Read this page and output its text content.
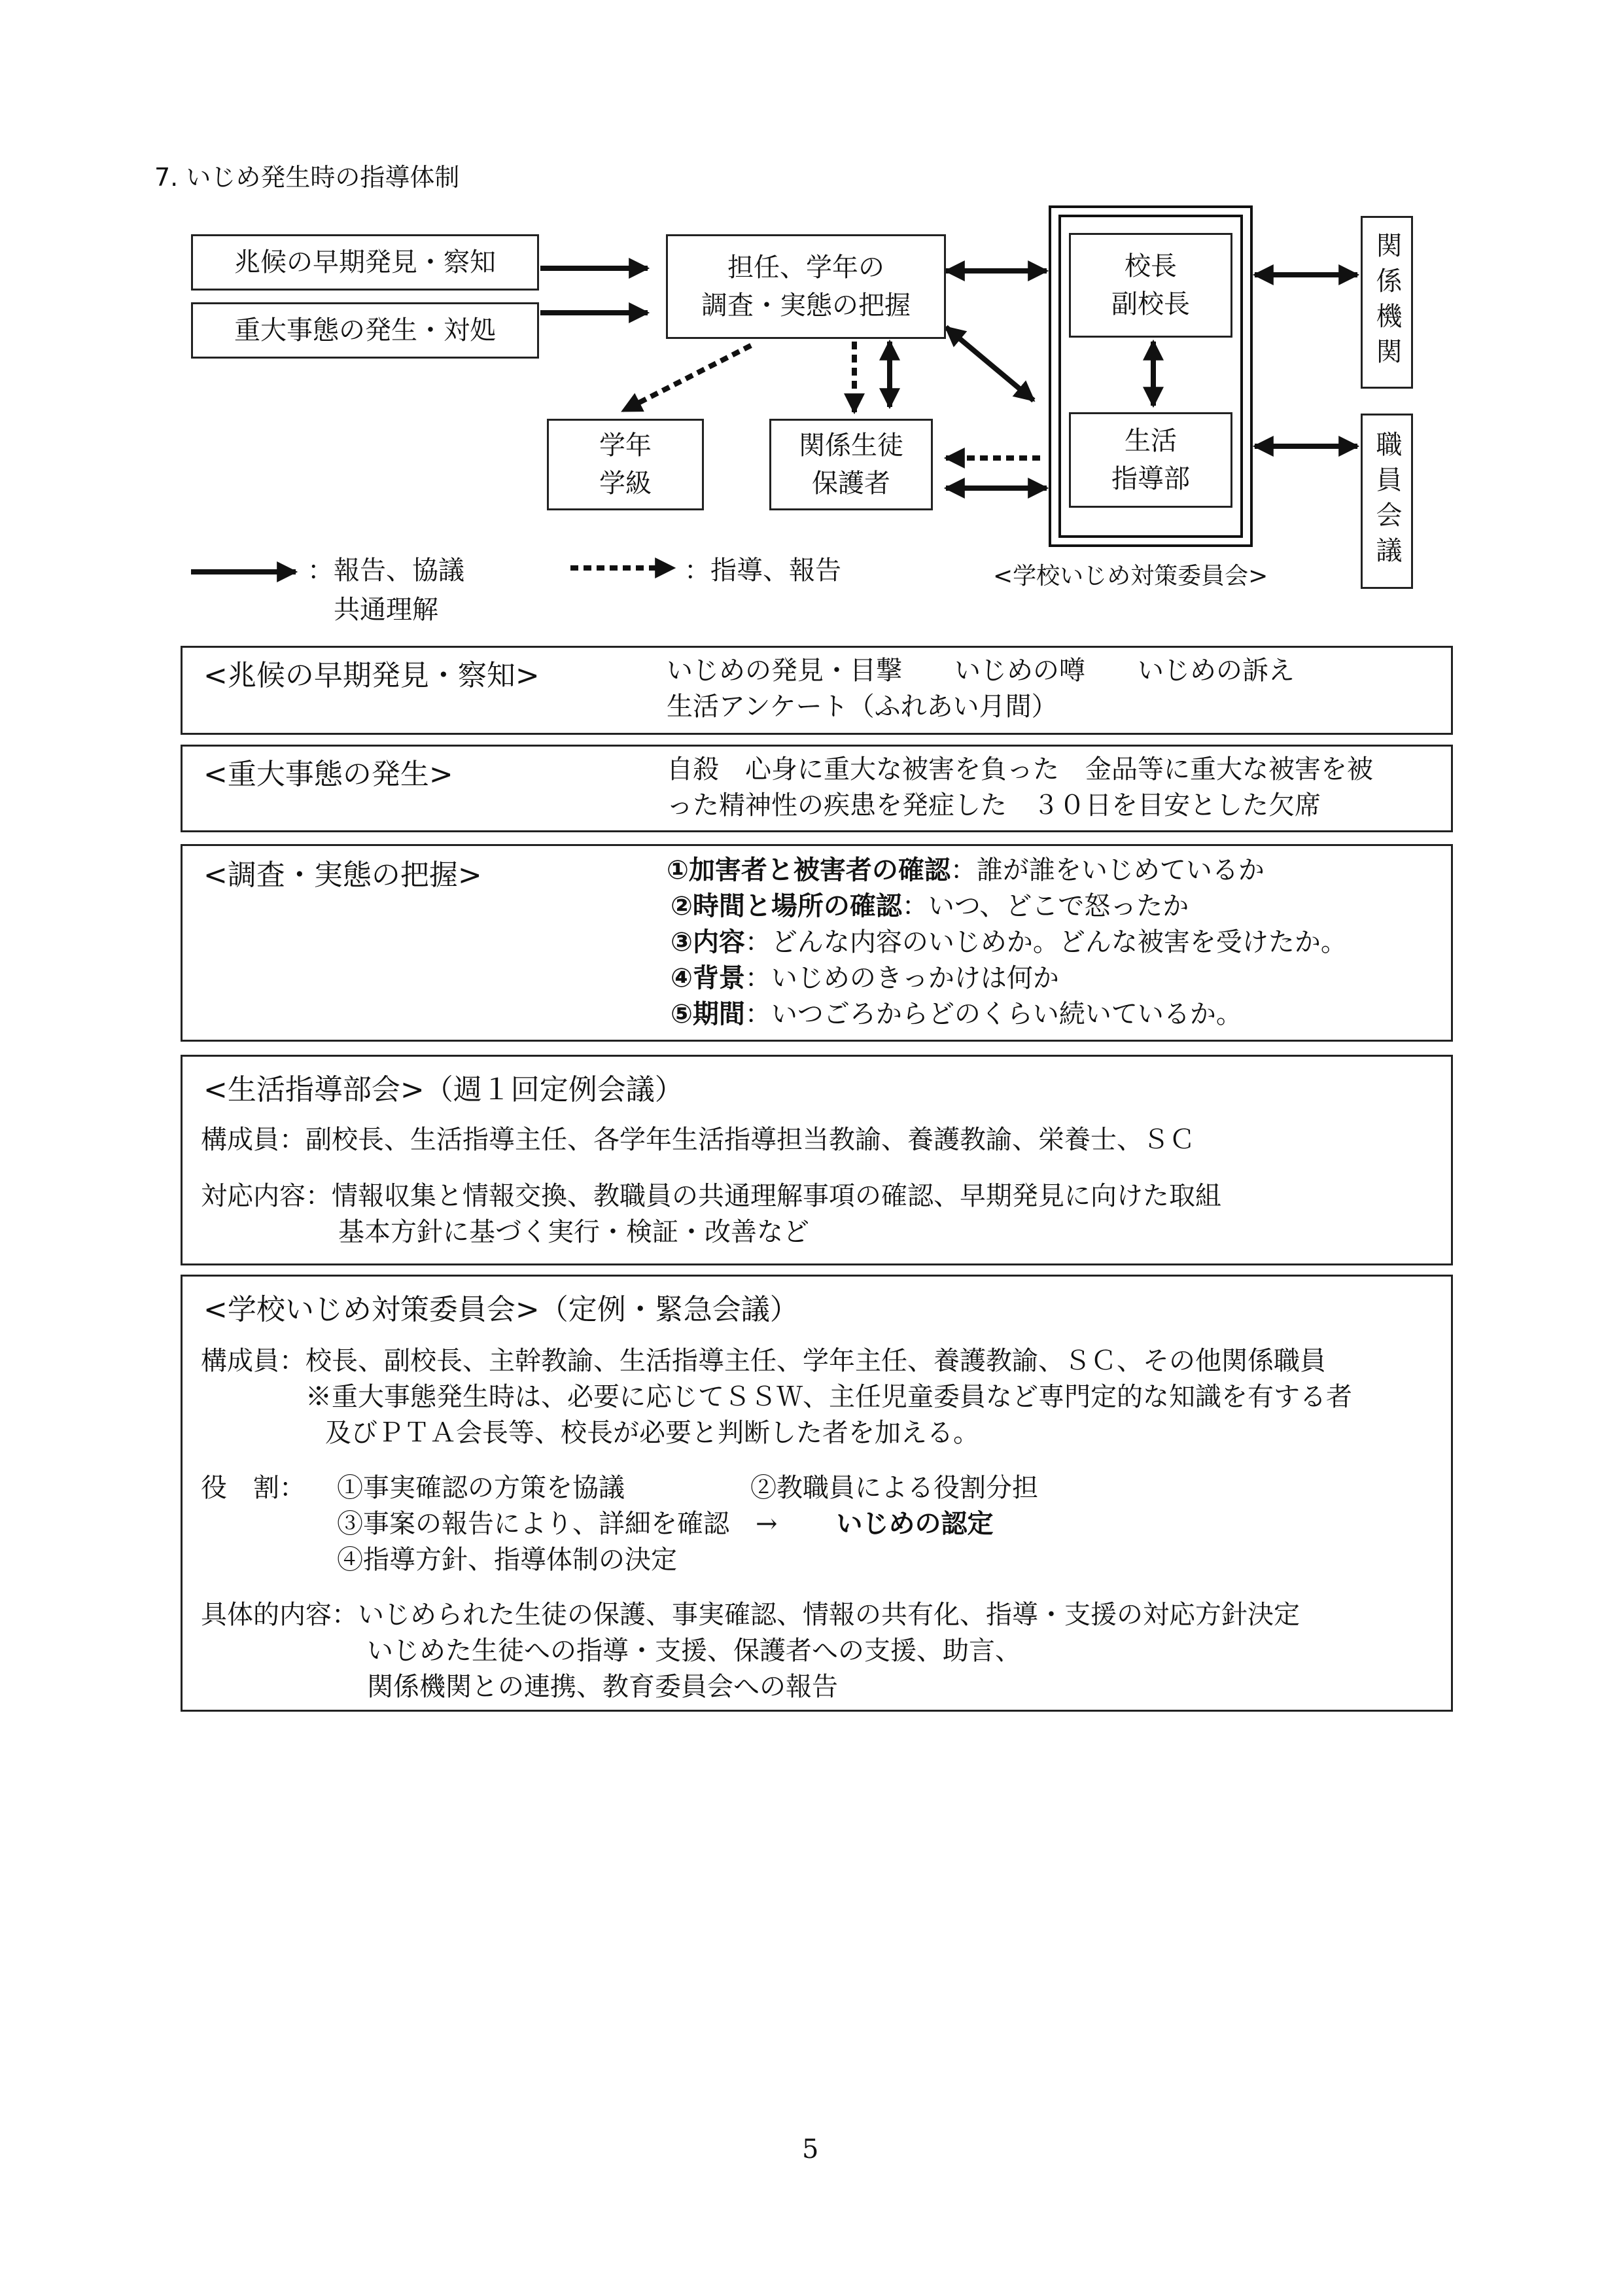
7. いじめ発生時の指導体制
兆候の早期発見・察知
重大事態の発生・対処
担任、学年の
調査・実態の把握
学年
学級
関係生徒
保護者
校長
副校長
生活
指導部
関係機関
職員会議
：報告、協議
　共通理解
：指導、報告	<学校いじめ対策委員会>
<兆候の早期発見・察知>	いじめの発見・目撃　　いじめの噂　　いじめの訴え
生活アンケート（ふれあい月間）
<重大事態の発生>	自殺　心身に重大な被害を負った　金品等に重大な被害を被
った精神性の疾患を発症した　３０日を目安とした欠席
<調査・実態の把握>	①加害者と被害者の確認：誰が誰をいじめているか
②時間と場所の確認：いつ、どこで怒ったか
③内容：どんな内容のいじめか。どんな被害を受けたか。
④背景：いじめのきっかけは何か
⑤期間：いつごろからどのくらい続いているか。
<生活指導部会>（週１回定例会議）
構成員：副校長、生活指導主任、各学年生活指導担当教諭、養護教諭、栄養士、ＳＣ
対応内容：情報収集と情報交換、教職員の共通理解事項の確認、早期発見に向けた取組
基本方針に基づく実行・検証・改善など
<学校いじめ対策委員会>（定例・緊急会議）
構成員：校長、副校長、主幹教諭、生活指導主任、学年主任、養護教諭、ＳＣ、その他関係職員
※重大事態発生時は、必要に応じてＳＳＷ、主任児童委員など専門定的な知識を有する者
及びＰＴＡ会長等、校長が必要と判断した者を加える。
役　割： ①事実確認の方策を協議	②教職員による役割分担
③事案の報告により、詳細を確認　→ いじめの認定
④指導方針、指導体制の決定
具体的内容：いじめられた生徒の保護、事実確認、情報の共有化、指導・支援の対応方針決定
いじめた生徒への指導・支援、保護者への支援、助言、
関係機関との連携、教育委員会への報告
5
